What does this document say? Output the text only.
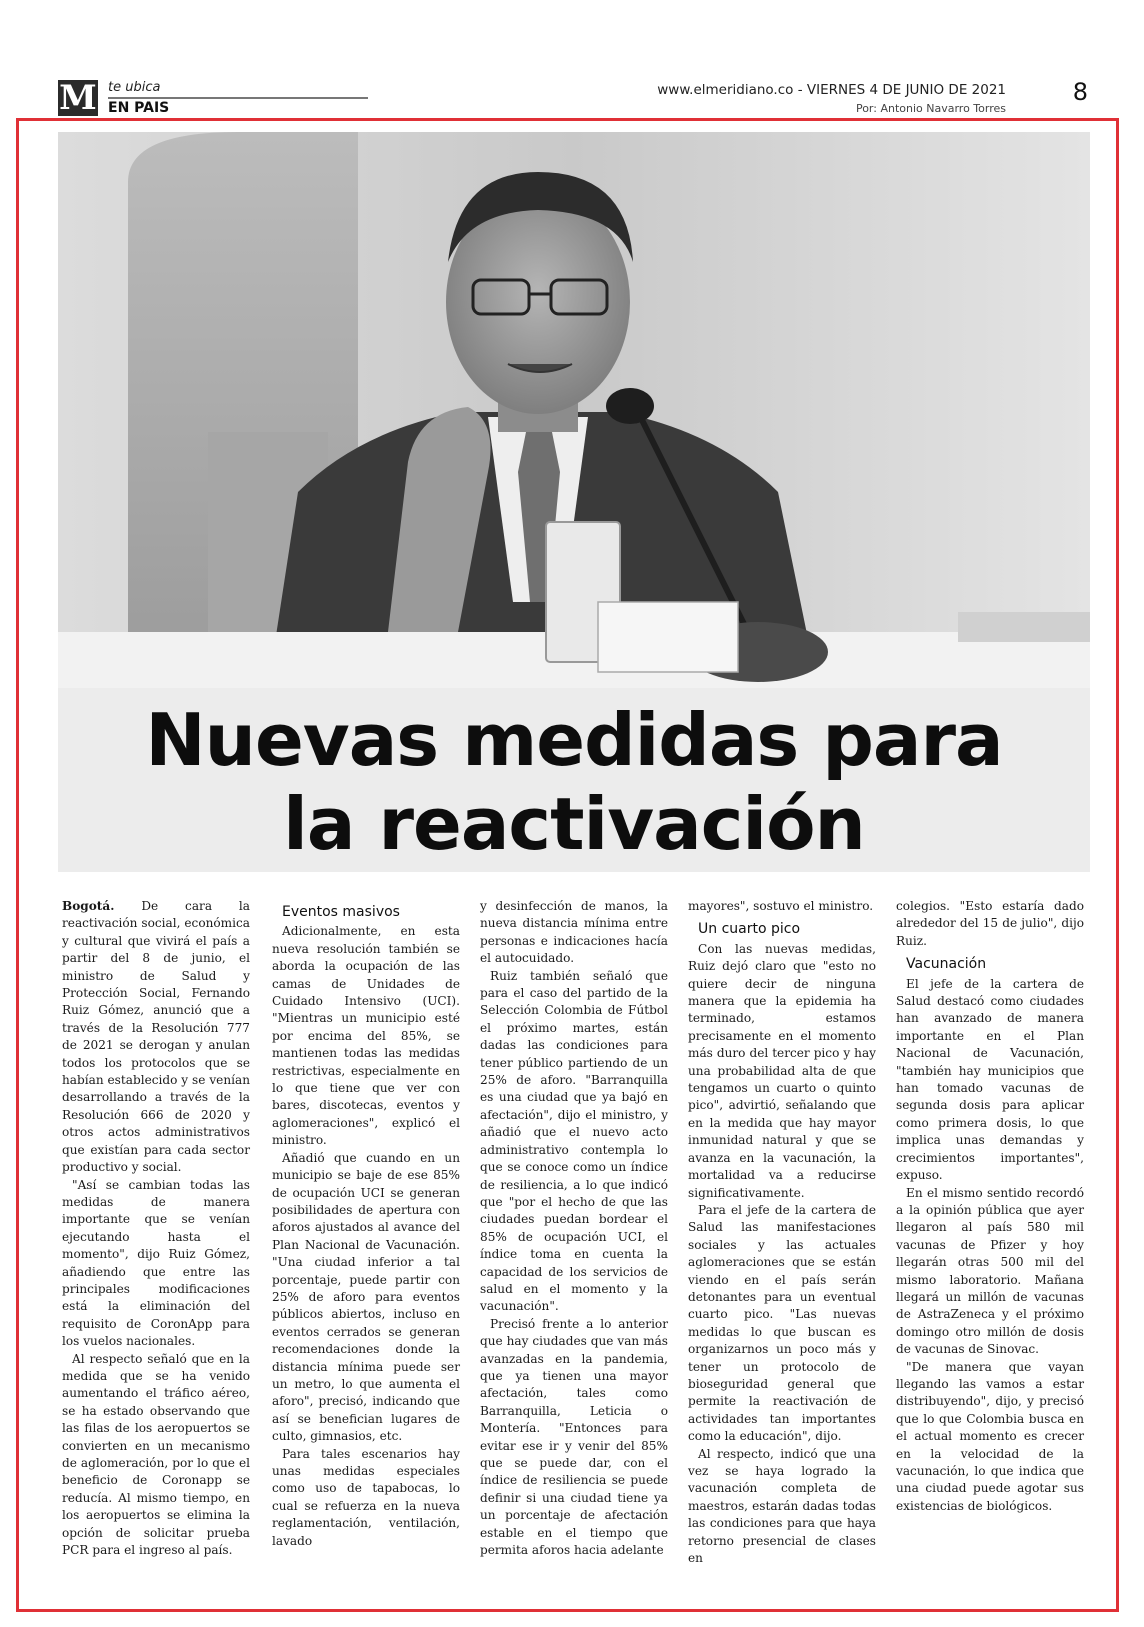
M te ubica
EN PAIS
www.elmeridiano.co - VIERNES 4 DE JUNIO DE 2021
Por: Antonio Navarro Torres
8
Nuevas medidas para
la reactivación

Bogotá. De cara la reactivación social, económica y cultural que vivirá el país a partir del 8 de junio, el ministro de Salud y Protección Social, Fernando Ruiz Gómez, anunció que a través de la Resolución 777 de 2021 se derogan y anulan todos los protocolos que se habían establecido y se venían desarrollando a través de la Resolución 666 de 2020 y otros actos administrativos que existían para cada sector productivo y social.

"Así se cambian todas las medidas de manera importante que se venían ejecutando hasta el momento", dijo Ruiz Gómez, añadiendo que entre las principales modificaciones está la eliminación del requisito de CoronApp para los vuelos nacionales.

Al respecto señaló que en la medida que se ha venido aumentando el tráfico aéreo, se ha estado observando que las filas de los aeropuertos se convierten en un mecanismo de aglomeración, por lo que el beneficio de Coronapp se reducía. Al mismo tiempo, en los aeropuertos se elimina la opción de solicitar prueba PCR para el ingreso al país.

Eventos masivos

Adicionalmente, en esta nueva resolución también se aborda la ocupación de las camas de Unidades de Cuidado Intensivo (UCI). "Mientras un municipio esté por encima del 85%, se mantienen todas las medidas restrictivas, especialmente en lo que tiene que ver con bares, discotecas, eventos y aglomeraciones", explicó el ministro.

Añadió que cuando en un municipio se baje de ese 85% de ocupación UCI se generan posibilidades de apertura con aforos ajustados al avance del Plan Nacional de Vacunación. "Una ciudad inferior a tal porcentaje, puede partir con 25% de aforo para eventos públicos abiertos, incluso en eventos cerrados se generan recomendaciones donde la distancia mínima puede ser un metro, lo que aumenta el aforo", precisó, indicando que así se benefician lugares de culto, gimnasios, etc.

Para tales escenarios hay unas medidas especiales como uso de tapabocas, lo cual se refuerza en la nueva reglamentación, ventilación, lavado

y desinfección de manos, la nueva distancia mínima entre personas e indicaciones hacía el autocuidado.

Ruiz también señaló que para el caso del partido de la Selección Colombia de Fútbol el próximo martes, están dadas las condiciones para tener público partiendo de un 25% de aforo. "Barranquilla es una ciudad que ya bajó en afectación", dijo el ministro, y añadió que el nuevo acto administrativo contempla lo que se conoce como un índice de resiliencia, a lo que indicó que "por el hecho de que las ciudades puedan bordear el 85% de ocupación UCI, el índice toma en cuenta la capacidad de los servicios de salud en el momento y la vacunación".

Precisó frente a lo anterior que hay ciudades que van más avanzadas en la pandemia, que ya tienen una mayor afectación, tales como Barranquilla, Leticia o Montería. "Entonces para evitar ese ir y venir del 85% que se puede dar, con el índice de resiliencia se puede definir si una ciudad tiene ya un porcentaje de afectación estable en el tiempo que permita aforos hacia adelante

mayores", sostuvo el ministro.

Un cuarto pico

Con las nuevas medidas, Ruiz dejó claro que "esto no quiere decir de ninguna manera que la epidemia ha terminado, estamos precisamente en el momento más duro del tercer pico y hay una probabilidad alta de que tengamos un cuarto o quinto pico", advirtió, señalando que en la medida que hay mayor inmunidad natural y que se avanza en la vacunación, la mortalidad va a reducirse significativamente.

Para el jefe de la cartera de Salud las manifestaciones sociales y las actuales aglomeraciones que se están viendo en el país serán detonantes para un eventual cuarto pico. "Las nuevas medidas lo que buscan es organizarnos un poco más y tener un protocolo de bioseguridad general que permite la reactivación de actividades tan importantes como la educación", dijo.

Al respecto, indicó que una vez se haya logrado la vacunación completa de maestros, estarán dadas todas las condiciones para que haya retorno presencial de clases en

colegios. "Esto estaría dado alrededor del 15 de julio", dijo Ruiz.

Vacunación

El jefe de la cartera de Salud destacó como ciudades han avanzado de manera importante en el Plan Nacional de Vacunación, "también hay municipios que han tomado vacunas de segunda dosis para aplicar como primera dosis, lo que implica unas demandas y crecimientos importantes", expuso.

En el mismo sentido recordó a la opinión pública que ayer llegaron al país 580 mil vacunas de Pfizer y hoy llegarán otras 500 mil del mismo laboratorio. Mañana llegará un millón de vacunas de AstraZeneca y el próximo domingo otro millón de dosis de vacunas de Sinovac.

"De manera que vayan llegando las vamos a estar distribuyendo", dijo, y precisó que lo que Colombia busca en el actual momento es crecer en la velocidad de la vacunación, lo que indica que una ciudad puede agotar sus existencias de biológicos.
